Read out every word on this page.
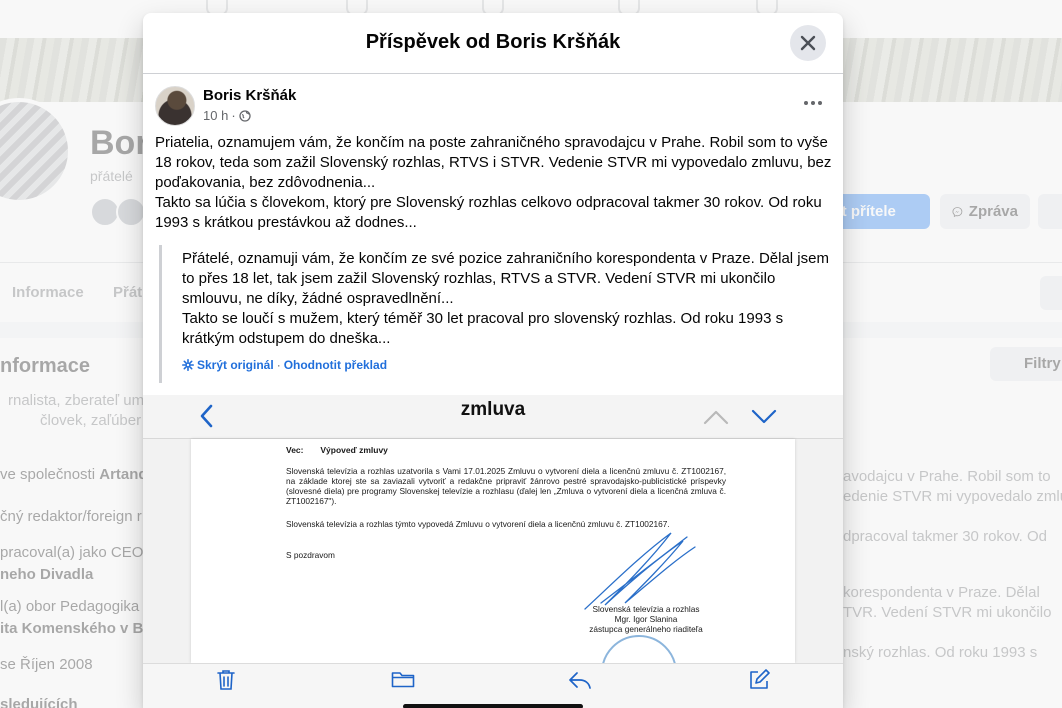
Příspěvek od Boris Kršňák
Boris Kršňák
10 h ·

Priatelia, oznamujem vám, že končím na poste zahraničného spravodajcu v Prahe. Robil som to vyše 18 rokov, teda som zažil Slovenský rozhlas, RTVS i STVR. Vedenie STVR mi vypovedalo zmluvu, bez poďakovania, bez zdôvodnenia...

Takto sa lúčia s človekom, ktorý pre Slovenský rozhlas celkovo odpracoval takmer 30 rokov. Od roku 1993 s krátkou prestávkou až dodnes...

Přátelé, oznamuji vám, že končím ze své pozice zahraničního korespondenta v Praze. Dělal jsem to přes 18 let, tak jsem zažil Slovenský rozhlas, RTVS a STVR. Vedení STVR mi ukončilo smlouvu, ne díky, žádné ospravedlnění...

Takto se loučí s mužem, který téměř 30 let pracoval pro slovenský rozhlas. Od roku 1993 s krátkým odstupem do dneška...

Skrýt originál · Ohodnotit překlad
zmluva
Vec: Výpoveď zmluvy
Slovenská televízia a rozhlas uzatvorila s Vami 17.01.2025 Zmluvu o vytvorení diela a licenčnú zmluvu č. ZT1002167, na základe ktorej ste sa zaviazali vytvoriť a redakčne pripraviť žánrovo pestré spravodajsko-publicistické príspevky (slovesné diela) pre programy Slovenskej televízie a rozhlasu (ďalej len „Zmluva o vytvorení diela a licenčná zmluva č. ZT1002167").
Slovenská televízia a rozhlas týmto vypovedá Zmluvu o vytvorení diela a licenčnú zmluvu č. ZT1002167.
S pozdravom
Slovenská televízia a rozhlas
Mgr. Igor Slanina
zástupca generálneho riaditeľa
